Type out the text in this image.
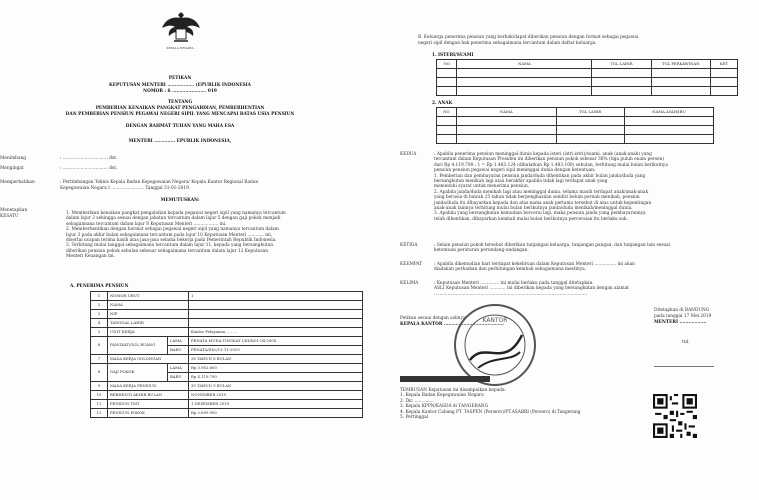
KEPALA NEGARA
PETIKAN
KEPUTUSAN MENTERI .................. (EPUBLIK INDONESIA
NOMOR : 6 ....................... 019
TENTANG
PEMBERIAN KENAIKAN PANGKAT PENGABDIAN, PEMBERHENTIAN
DAN PEMBERIAN PENSIUN PEGAWAI NEGERI SIPIL YANG MENCAPAI BATAS USIA PENSIUN
DENGAN RAHMAT TUHAN YANG MAHA ESA
MENTERI .............. EPUBLIK INDONESIA,
Menimbang	: ................................. dst.
Mengingat	: ................................. dst.
Memperhatikan	: Pertimbangan Teknis Kepala Badan Kepegawaian Negara/ Kepala Kantor Regional Badan
Kepegawaian Negara I ........................ Tanggal 31-01-2019.
MEMUTUSKAN:
Menetapkan
KESATU
1. Memberikan kenaikan pangkat pengabdian kepada pegawai negeri sipil yang namanya tercantum
dalam lajur 3 sehingga sesuai dengan jabatan tercantum dalam lajur 5 dengan gaji pokok menjadi
sebagaimana tercantum dalam lajur 8 Keputusan Menteri .................. ini.
2. Memberhentikan dengan hormat sebagai pegawai negeri sipil yang namanya tercantum dalam
lajur 3 pada akhir bulan sebagaimana tercantum pada lajur 10 Keputusan Menteri ............ ini,
disertai ucapan terima kasih atas jasa-jasa selama bekerja pada Pemerintah Republik Indonesia.
3. Terhitung mulai tanggal sebagaimana tercantum dalam lajur 11, kepada yang bersangkutan
diberikan pensiun pokok sebulan sebesar sebagaimana tercantum dalam lajur 12 Keputusan
Menteri Keuangan ini.
A. PENERIMA PENSIUN
1	NOMOR URUT		1
2	NAMA		
3	NIP		
4	TANGGAL LAHIR		
5	UNIT KERJA		Kantor Pelayanan .........
6	PANGKAT/GOL.RUANG	LAMA	PENATA MUDA TINGKAT I/III/b/01-04-2008
		BARU	PENATA/III/c/11-11-2019
7	MASA KERJA GOLONGAN		28 TAHUN 8 BULAN
8	GAJI POKOK	LAMA	Rp 3.952.600
		BARU	Rp 4.119.790
9	MASA KERJA PENSIUN		39 TAHUN 9 BULAN
10	BERHENTI AKHIR BULAN		NOVEMBER 2019
11	PENSIUN TMT		1 DESEMBER 2019
12	PENSIUN POKOK		Rp 2.699.900
B. Keluarga penerima pensiun yang berhak/dapat diberikan pensiun dengan format sebagai pegawai
negeri sipil dengan hak penerima sebagaimana tercantum dalam daftar keluarga.
1. ISTERI/SUAMI
NO	NAMA	TGL LAHIR	TGL PERKAWINAN	KET

2. ANAK
NO	NAMA	TGL LAHIR	NAMA AYAH/IBU

KEDUA	: Apabila penerima pensiun meninggal dunia kepada isteri (istri-istri)/suami, anak (anak-anak) yang
tercantum dalam Keputusan Presiden ini diberikan pensiun pokok sebesar 36% (tiga puluh enam persen)
dari Rp 4.119.790 : 1 = Rp 1.483.124 (dibulatkan Rp 1.483.100) sebulan, terhitung mulai bulan berikutnya
pensiun pensiun pegawai negeri sipil meninggal dunia dengan ketentuan:
1. Pemberian dan pembayaran pensiun janda/duda dihentikan pada akhir bulan janda/duda yang
bersangkutan menikah lagi atau berakhir apabila tidak lagi terdapat anak yang
memenuhi syarat untuk menerima pensiun.
2. Apabila janda/duda menikah lagi atau meninggal dunia, selama masih terdapat anak/anak-anak
yang berusia di bawah 25 tahun tidak berpenghasilan sendiri belum pernah menikah, pensiun
janda/duda itu dibayarkan kepada dan atas nama anak pertama tersebut di atas untuk kepentingan
anak-anak lainnya terhitung mulai bulan berikutnya janda/duda menikah/meninggal dunia.
3. Apabila yang bersangkutan kemudian bercerai lagi, maka pensiun janda yang pembayarannya
telah dihentikan, dibayarkan kembali mulai bulan berikutnya perceraian itu berlaku sah.
KETIGA	: Selain pensiun pokok tersebut diberikan tunjangan keluarga, tunjangan pangan, dan tunjangan lain sesuai
ketentuan peraturan perundang-undangan.
KEEMPAT	: Apabila dikemudian hari terdapat kekeliruan dalam Keputusan Menteri ................ ini akan
diadakan perbaikan dan perhitungan kembali sebagaimana mestinya.
KELIMA	: Keputusan Menteri .............. ini mulai berlaku pada tanggal ditetapkan.
ASLI Keputusan Menteri ............ ini diberikan kepada yang bersangkutan dengan alamat
................................................................................................................
Petikan sesuai dengan aslinya
KEPALA KANTOR ........................................
Ditetapkan di BANDUNG
pada tanggal 17 Mei 2019
MENTERI ..................
ttd.
KANTOR
TEMBUSAN Keputusan ini disampaikan kepada:
1. Kepala Badan Kepegawaian Negara
2. Dir. ..............
3. Kepala KPPN/KASDA di TANGERANG
4. Kepala Kantor Cabang PT. TASPEN (Persero)/PT.ASABRI (Persero) di Tangerang
5. Pertinggal
